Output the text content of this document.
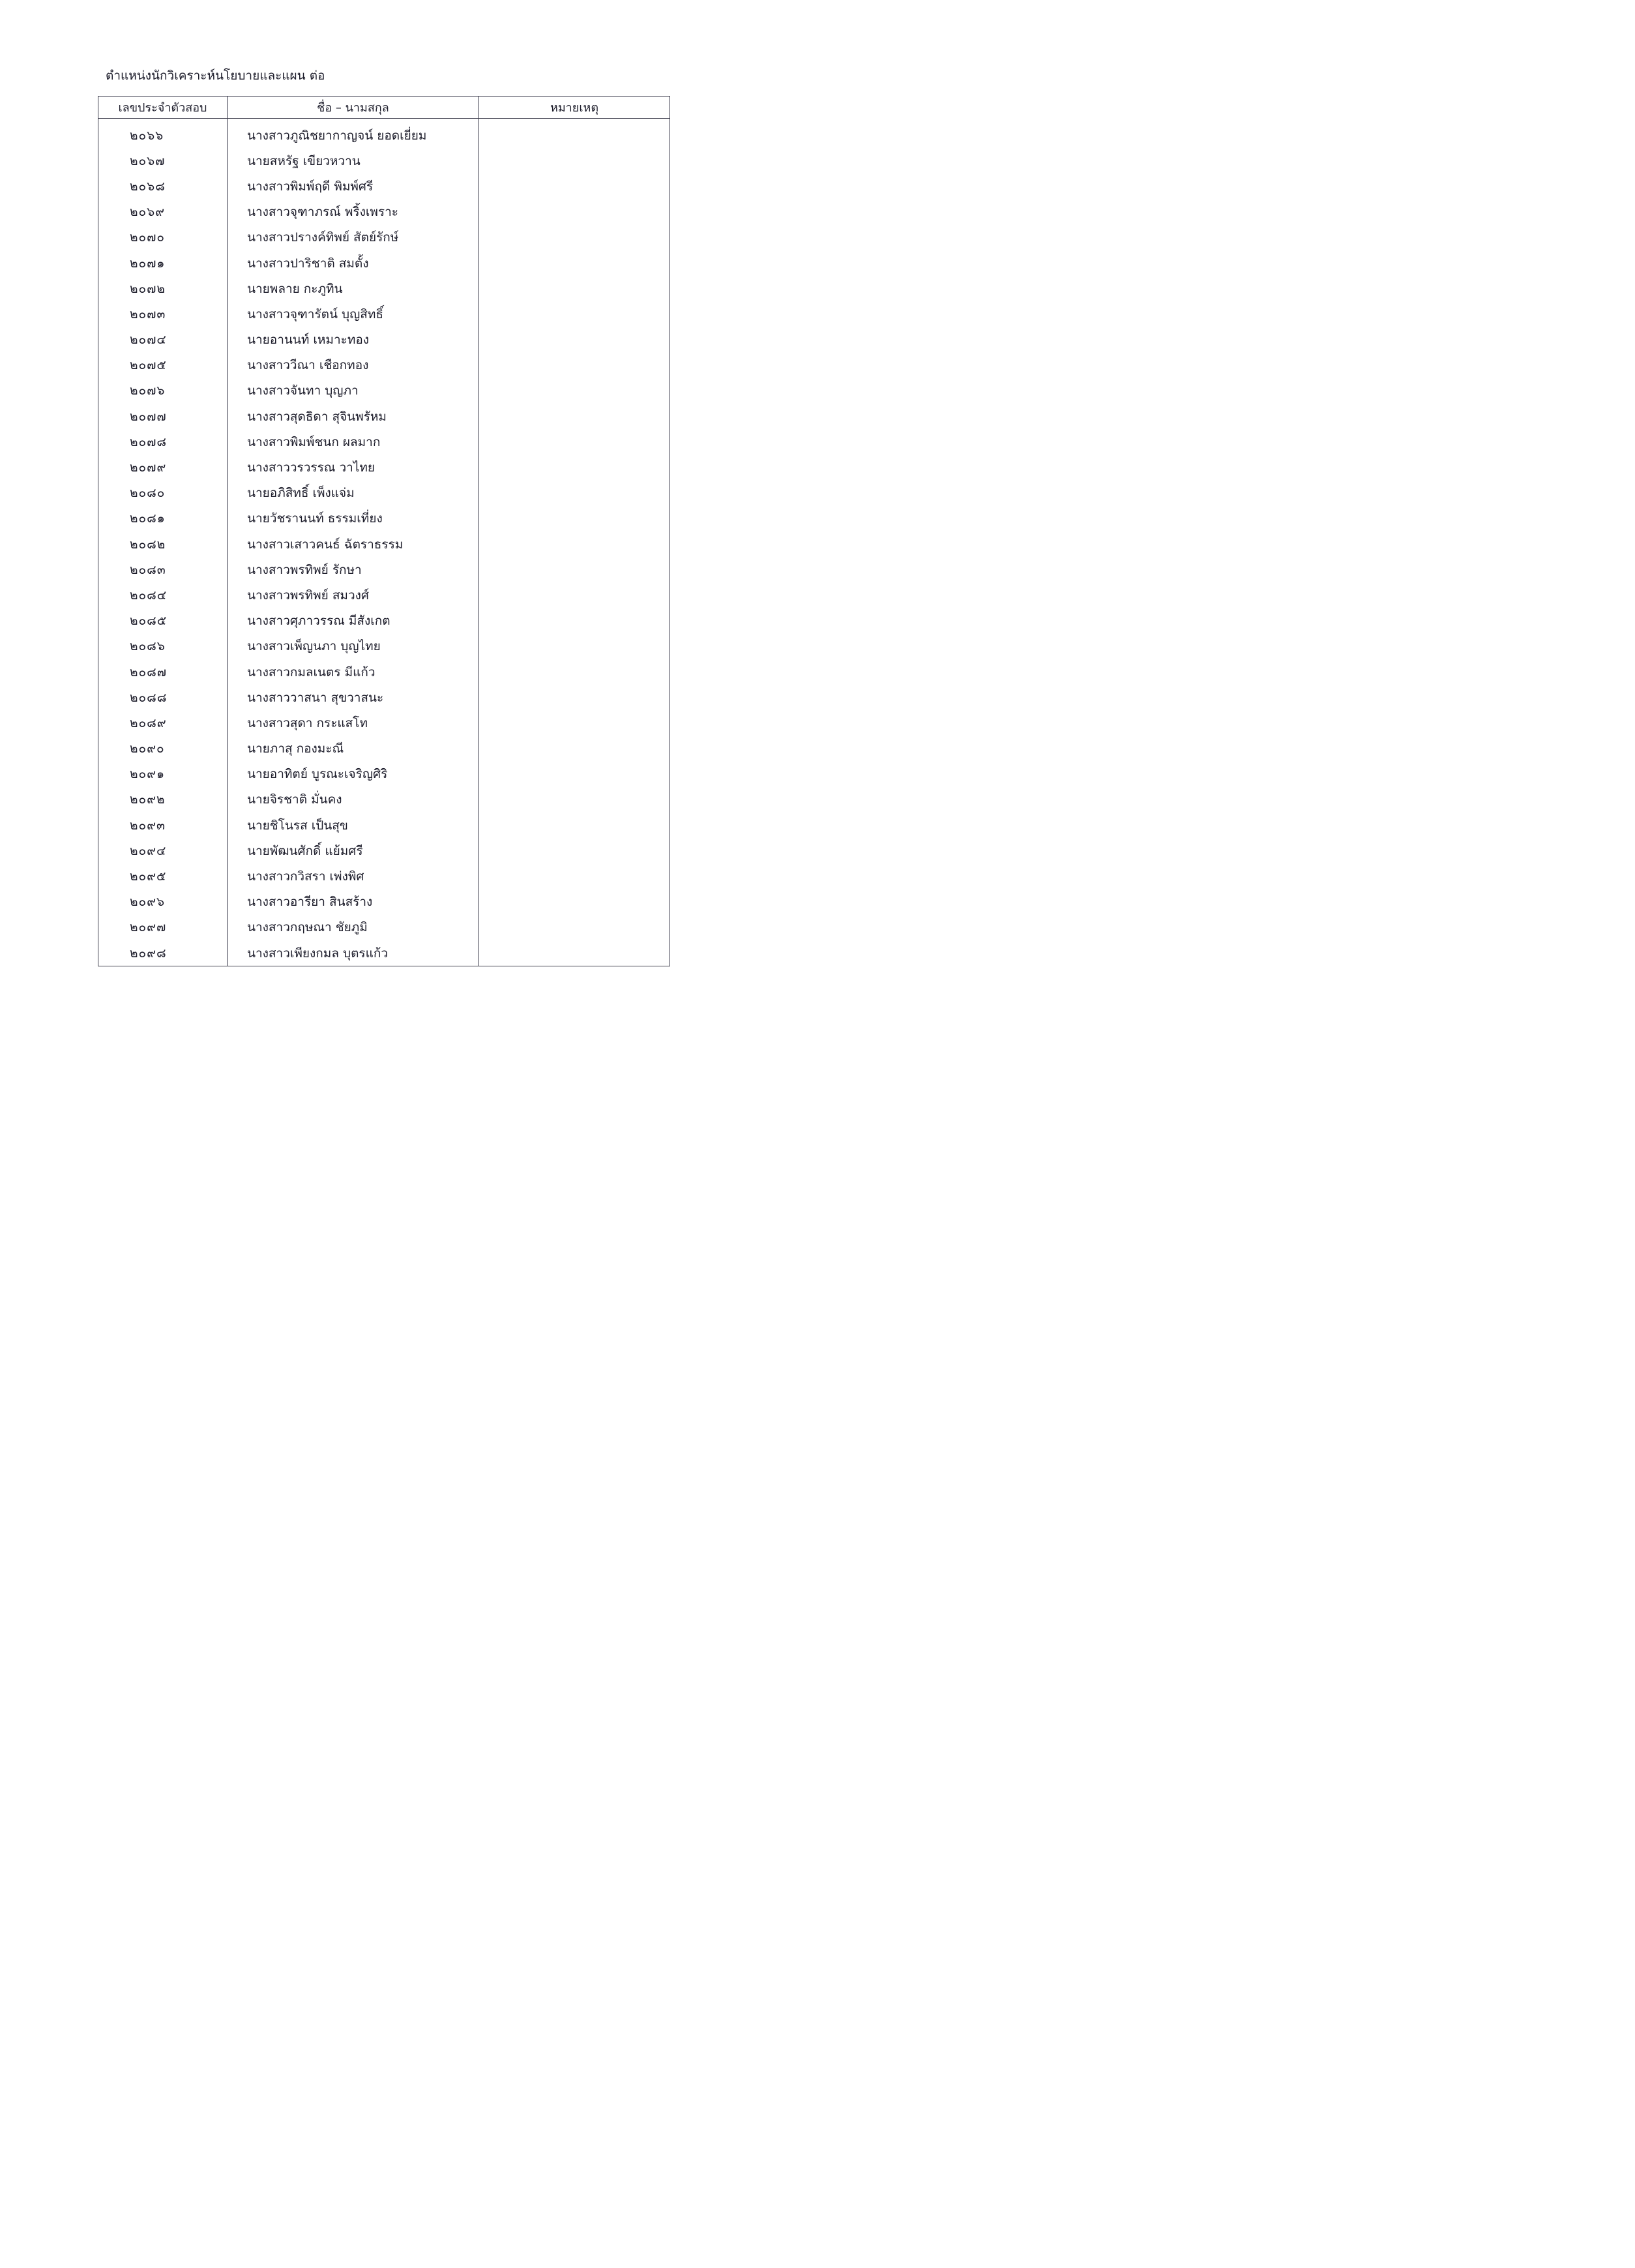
ตำแหน่งนักวิเคราะห์นโยบายและแผน ต่อ
เลขประจำตัวสอบ	ชื่อ – นามสกุล	หมายเหตุ
๒๐๖๖	นางสาวภูณิชยากาญจน์ ยอดเยี่ยม	
๒๐๖๗	นายสหรัฐ เขียวหวาน	
๒๐๖๘	นางสาวพิมพ์ฤดี พิมพ์ศรี	
๒๐๖๙	นางสาวจุฑาภรณ์ พริ้งเพราะ	
๒๐๗๐	นางสาวปรางค์ทิพย์ สัตย์รักษ์	
๒๐๗๑	นางสาวปาริชาติ สมตั้ง	
๒๐๗๒	นายพลาย กะภูทิน	
๒๐๗๓	นางสาวจุฑารัตน์ บุญสิทธิ์	
๒๐๗๔	นายอานนท์ เหมาะทอง	
๒๐๗๕	นางสาววีณา เชือกทอง	
๒๐๗๖	นางสาวจันทา บุญภา	
๒๐๗๗	นางสาวสุดธิดา สุจินพรัหม	
๒๐๗๘	นางสาวพิมพ์ชนก ผลมาก	
๒๐๗๙	นางสาววรวรรณ วาไทย	
๒๐๘๐	นายอภิสิทธิ์ เพ็งแจ่ม	
๒๐๘๑	นายวัชรานนท์ ธรรมเที่ยง	
๒๐๘๒	นางสาวเสาวคนธ์ ฉัตราธรรม	
๒๐๘๓	นางสาวพรทิพย์ รักษา	
๒๐๘๔	นางสาวพรทิพย์ สมวงศ์	
๒๐๘๕	นางสาวศุภาวรรณ มีสังเกต	
๒๐๘๖	นางสาวเพ็ญนภา บุญไทย	
๒๐๘๗	นางสาวกมลเนตร มีแก้ว	
๒๐๘๘	นางสาววาสนา สุขวาสนะ	
๒๐๘๙	นางสาวสุดา กระแสโท	
๒๐๙๐	นายภาสุ กองมะณี	
๒๐๙๑	นายอาทิตย์ บูรณะเจริญศิริ	
๒๐๙๒	นายจิรชาติ มั่นคง	
๒๐๙๓	นายชิโนรส เป็นสุข	
๒๐๙๔	นายพัฒนศักดิ์ แย้มศรี	
๒๐๙๕	นางสาวกวิสรา เพ่งพิศ	
๒๐๙๖	นางสาวอารียา สินสร้าง	
๒๐๙๗	นางสาวกฤษณา ชัยภูมิ	
๒๐๙๘	นางสาวเพียงกมล บุตรแก้ว	
